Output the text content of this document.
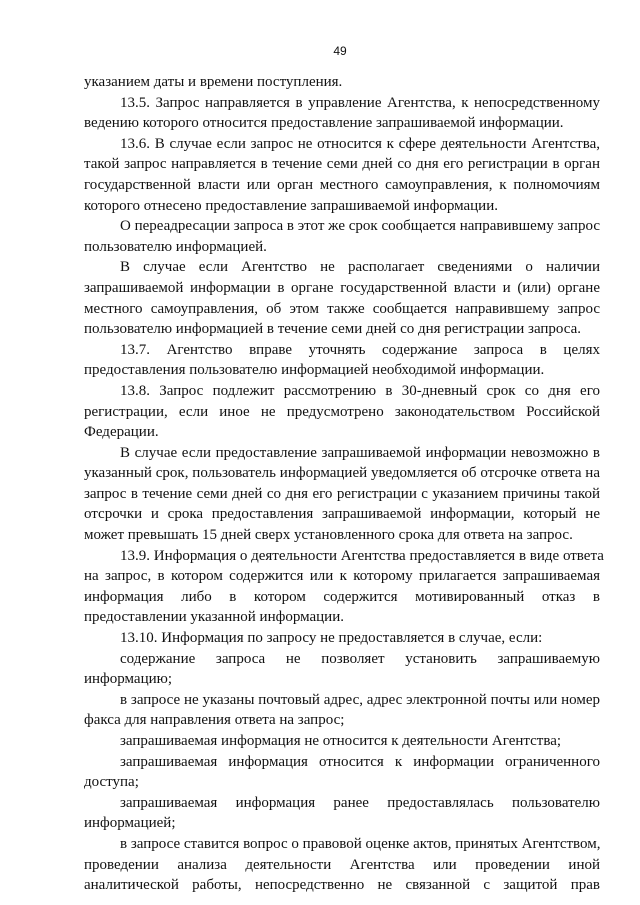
49
указанием даты и времени поступления.
13.5. Запрос направляется в управление Агентства, к непосредственному
ведению которого относится предоставление запрашиваемой информации.
13.6. В случае если запрос не относится к сфере деятельности Агентства,
такой запрос направляется в течение семи дней со дня его регистрации в орган
государственной власти или орган местного самоуправления, к полномочиям
которого отнесено предоставление запрашиваемой информации.
О переадресации запроса в этот же срок сообщается направившему запрос
пользователю информацией.
В случае если Агентство не располагает сведениями о наличии
запрашиваемой информации в органе государственной власти и (или) органе
местного самоуправления, об этом также сообщается направившему запрос
пользователю информацией в течение семи дней со дня регистрации запроса.
13.7. Агентство вправе уточнять содержание запроса в целях
предоставления пользователю информацией необходимой информации.
13.8. Запрос подлежит рассмотрению в 30-дневный срок со дня его
регистрации, если иное не предусмотрено законодательством Российской
Федерации.
В случае если предоставление запрашиваемой информации невозможно в
указанный срок, пользователь информацией уведомляется об отсрочке ответа на
запрос в течение семи дней со дня его регистрации с указанием причины такой
отсрочки и срока предоставления запрашиваемой информации, который не
может превышать 15 дней сверх установленного срока для ответа на запрос.
13.9. Информация о деятельности Агентства предоставляется в виде ответа
на запрос, в котором содержится или к которому прилагается запрашиваемая
информация либо в котором содержится мотивированный отказ в
предоставлении указанной информации.
13.10. Информация по запросу не предоставляется в случае, если:
содержание запроса не позволяет установить запрашиваемую
информацию;
в запросе не указаны почтовый адрес, адрес электронной почты или номер
факса для направления ответа на запрос;
запрашиваемая информация не относится к деятельности Агентства;
запрашиваемая информация относится к информации ограниченного
доступа;
запрашиваемая информация ранее предоставлялась пользователю
информацией;
в запросе ставится вопрос о правовой оценке актов, принятых Агентством,
проведении анализа деятельности Агентства или проведении иной
аналитической работы, непосредственно не связанной с защитой прав
